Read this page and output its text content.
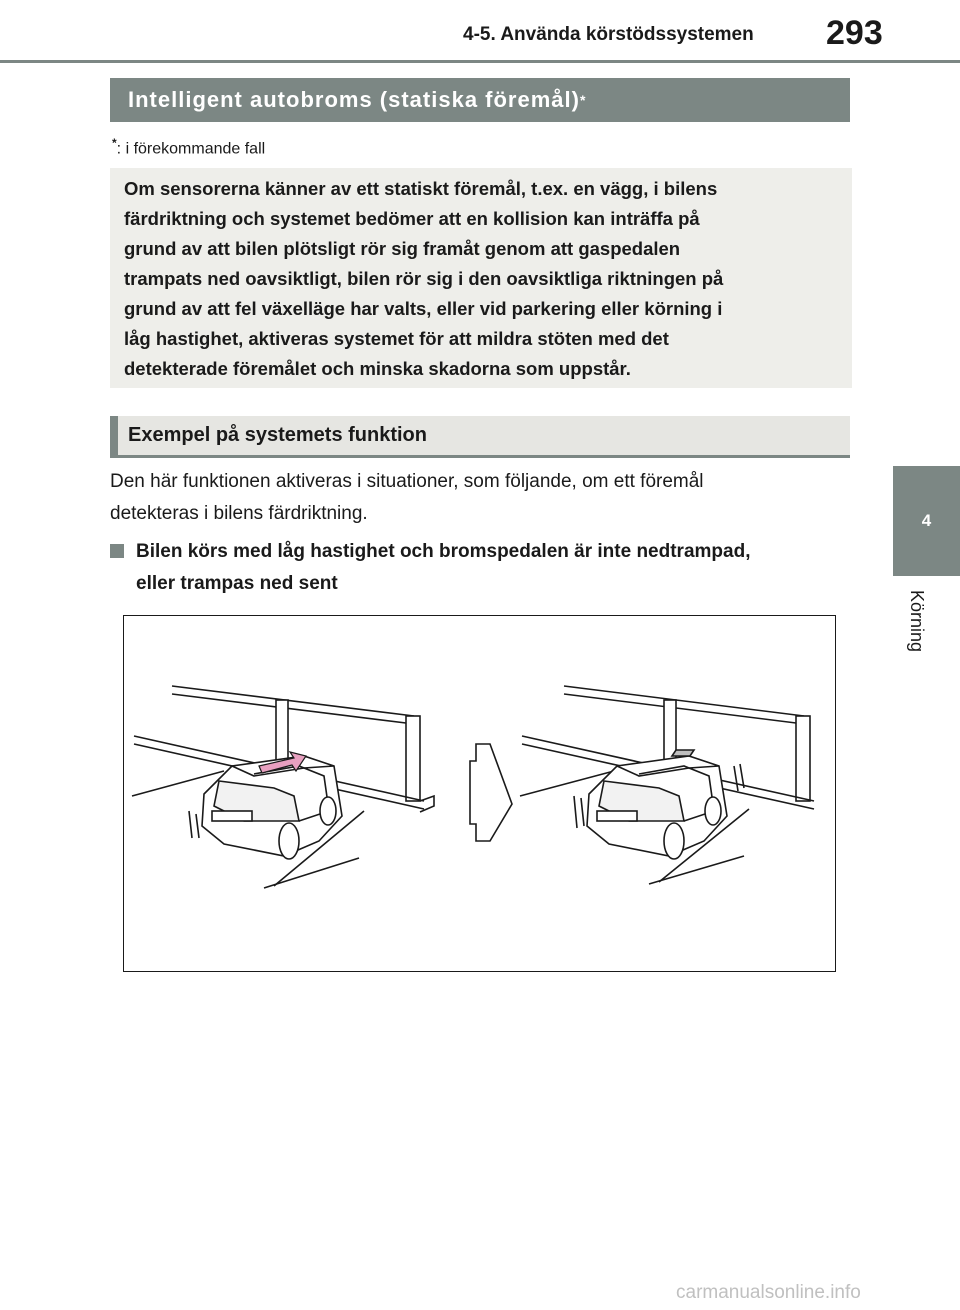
4-5. Använda körstödssystemen 293
4
Körning
Intelligent autobroms (statiska föremål) *
*: i förekommande fall

Om sensorerna känner av ett statiskt föremål, t.ex. en vägg, i bilens

färdriktning och systemet bedömer att en kollision kan inträffa på

grund av att bilen plötsligt rör sig framåt genom att gaspedalen

trampats ned oavsiktligt, bilen rör sig i den oavsiktliga riktningen på

grund av att fel växelläge har valts, eller vid parkering eller körning i

låg hastighet, aktiveras systemet för att mildra stöten med det

detekterade föremålet och minska skadorna som uppstår.

Exempel på systemets funktion
Den här funktionen aktiveras i situationer, som följande, om ett föremål
detekteras i bilens färdriktning.
Bilen körs med låg hastighet och bromspedalen är inte nedtrampad,
eller trampas ned sent
carmanualsonline.info
